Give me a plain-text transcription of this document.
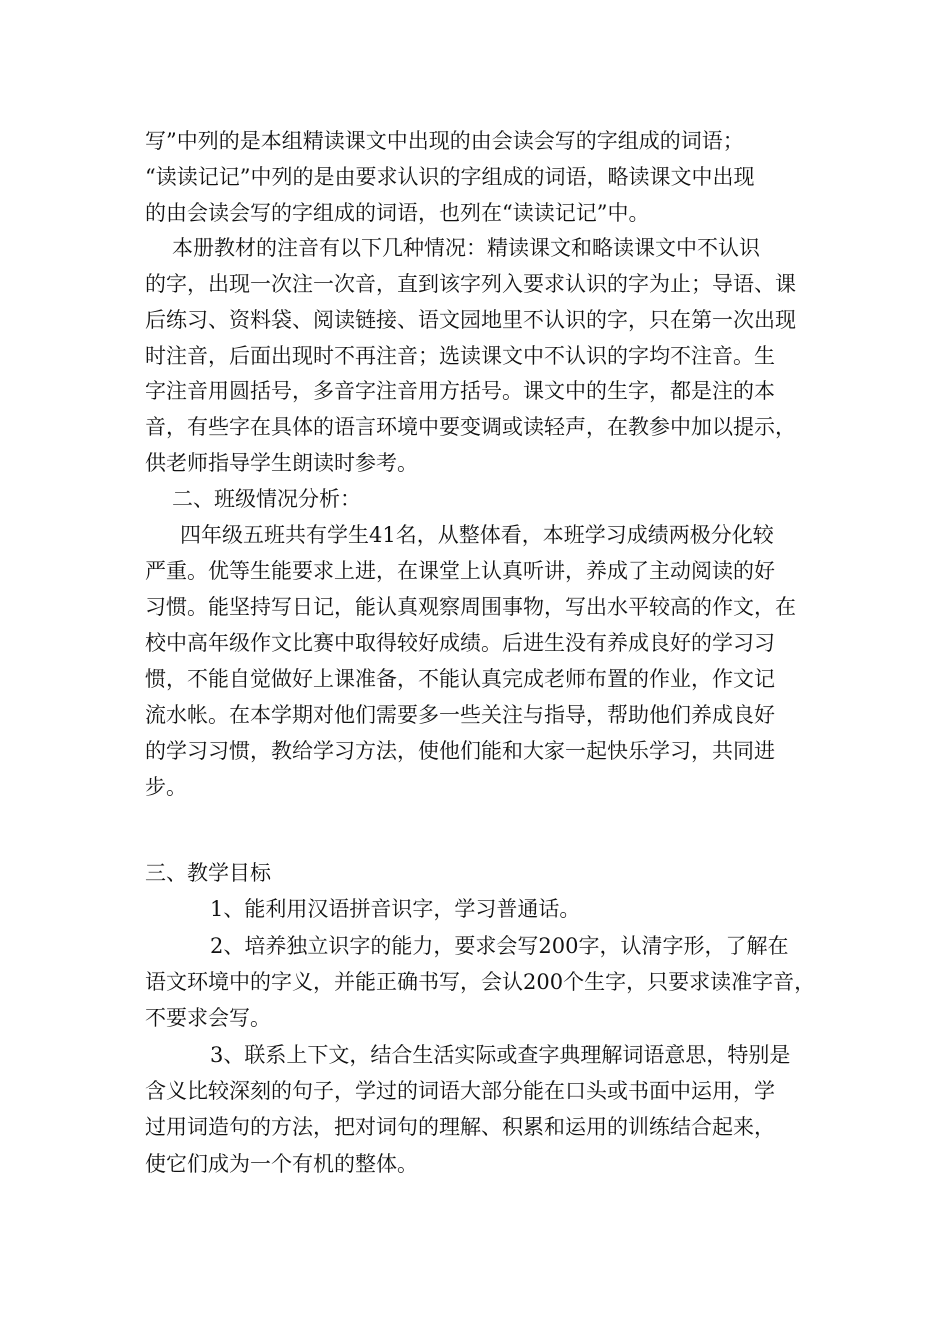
写”中列的是本组精读课文中出现的由会读会写的字组成的词语；
“读读记记”中列的是由要求认识的字组成的词语，略读课文中出现
的由会读会写的字组成的词语，也列在“读读记记”中。
本册教材的注音有以下几种情况：精读课文和略读课文中不认识
的字，出现一次注一次音，直到该字列入要求认识的字为止；导语、课
后练习、资料袋、阅读链接、语文园地里不认识的字，只在第一次出现
时注音，后面出现时不再注音；选读课文中不认识的字均不注音。生
字注音用圆括号，多音字注音用方括号。课文中的生字，都是注的本
音，有些字在具体的语言环境中要变调或读轻声，在教参中加以提示，
供老师指导学生朗读时参考。
二、班级情况分析：
四年级五班共有学生41名，从整体看，本班学习成绩两极分化较
严重。优等生能要求上进，在课堂上认真听讲，养成了主动阅读的好
习惯。能坚持写日记，能认真观察周围事物，写出水平较高的作文，在
校中高年级作文比赛中取得较好成绩。后进生没有养成良好的学习习
惯，不能自觉做好上课准备，不能认真完成老师布置的作业，作文记
流水帐。在本学期对他们需要多一些关注与指导，帮助他们养成良好
的学习习惯，教给学习方法，使他们能和大家一起快乐学习，共同进
步。
三、教学目标
1、能利用汉语拼音识字，学习普通话。
2、培养独立识字的能力，要求会写200字，认清字形，了解在
语文环境中的字义，并能正确书写，会认200个生字，只要求读准字音，
不要求会写。
3、联系上下文，结合生活实际或查字典理解词语意思，特别是
含义比较深刻的句子，学过的词语大部分能在口头或书面中运用，学
过用词造句的方法，把对词句的理解、积累和运用的训练结合起来，
使它们成为一个有机的整体。
